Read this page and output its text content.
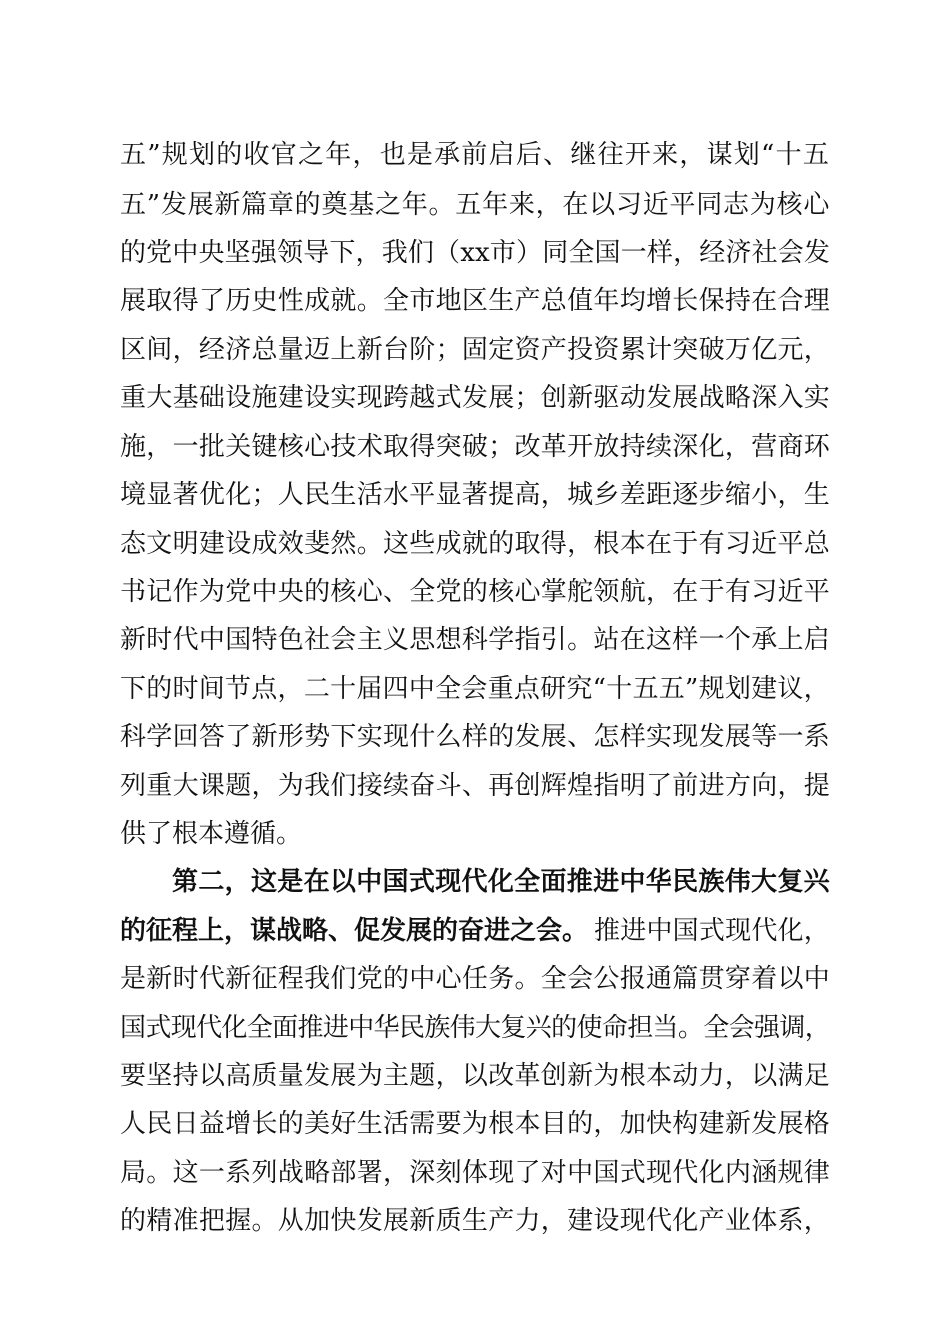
五”规划的收官之年，也是承前启后、继往开来，谋划“十五
五”发展新篇章的奠基之年。五年来，在以习近平同志为核心
的党中央坚强领导下，我们（xx市）同全国一样，经济社会发
展取得了历史性成就。全市地区生产总值年均增长保持在合理
区间，经济总量迈上新台阶；固定资产投资累计突破万亿元，
重大基础设施建设实现跨越式发展；创新驱动发展战略深入实
施，一批关键核心技术取得突破；改革开放持续深化，营商环
境显著优化；人民生活水平显著提高，城乡差距逐步缩小，生
态文明建设成效斐然。这些成就的取得，根本在于有习近平总
书记作为党中央的核心、全党的核心掌舵领航，在于有习近平
新时代中国特色社会主义思想科学指引。站在这样一个承上启
下的时间节点，二十届四中全会重点研究“十五五”规划建议，
科学回答了新形势下实现什么样的发展、怎样实现发展等一系
列重大课题，为我们接续奋斗、再创辉煌指明了前进方向，提
供了根本遵循。
第二，这是在以中国式现代化全面推进中华民族伟大复兴
的征程上，谋战略、促发展的奋进之会。 推进中国式现代化，
是新时代新征程我们党的中心任务。全会公报通篇贯穿着以中
国式现代化全面推进中华民族伟大复兴的使命担当。全会强调，
要坚持以高质量发展为主题，以改革创新为根本动力，以满足
人民日益增长的美好生活需要为根本目的，加快构建新发展格
局。这一系列战略部署，深刻体现了对中国式现代化内涵规律
的精准把握。从加快发展新质生产力，建设现代化产业体系，
